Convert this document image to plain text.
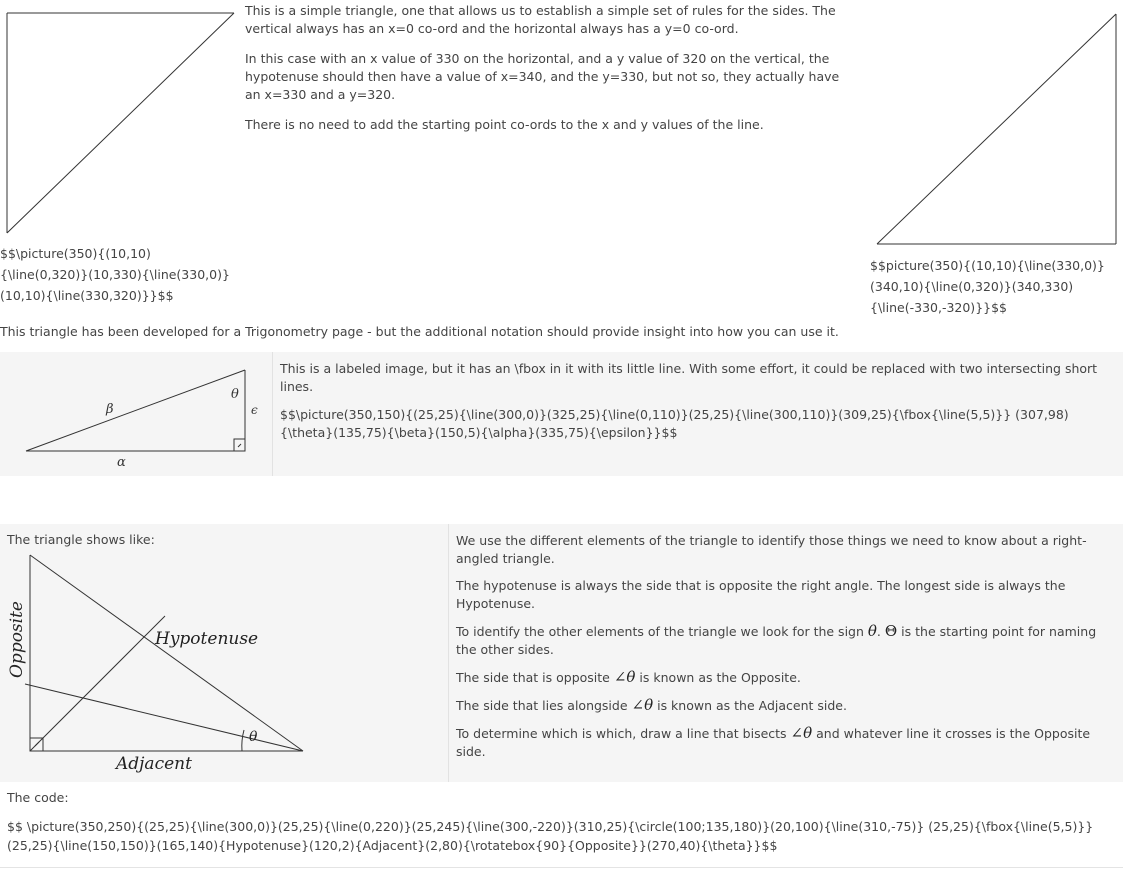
This is a simple triangle, one that allows us to establish a simple set of rules for the sides. The vertical always has an x=0 co-ord and the horizontal always has a y=0 co-ord.

In this case with an x value of 330 on the horizontal, and a y value of 320 on the vertical, the hypotenuse should then have a value of x=340, and the y=330, but not so, they actually have an x=330 and a y=320.

There is no need to add the starting point co-ords to the x and y values of the line.

$$\picture(350){(10,10){\line(0,320)}(10,330){\line(330,0)}(10,10){\line(330,320)}}$$
$$picture(350){(10,10){\line(330,0)}(340,10){\line(0,320)}(340,330){\line(-330,-320)}}$$
This triangle has been developed for a Trigonometry page - but the additional notation should provide insight into how you can use it.
θ
β	ϵ
α

This is a labeled image, but it has an \fbox in it with its little line. With some effort, it could be replaced with two intersecting short lines.

$$\picture(350,150){(25,25){\line(300,0)}(325,25){\line(0,110)}(25,25){\line(300,110)}(309,25){\fbox{\line(5,5)}} (307,98){\theta}(135,75){\beta}(150,5){\alpha}(335,75){\epsilon}}$$

The triangle shows like:
Hypotenuse
Adjacent
Opposite
θ

We use the different elements of the triangle to identify those things we need to know about a right-angled triangle.

The hypotenuse is always the side that is opposite the right angle. The longest side is always the Hypotenuse.

To identify the other elements of the triangle we look for the sign θ. Θ is the starting point for naming the other sides.

The side that is opposite ∠θ is known as the Opposite.

The side that lies alongside ∠θ is known as the Adjacent side.

To determine which is which, draw a line that bisects ∠θ and whatever line it crosses is the Opposite side.

The code:
$$ \picture(350,250){(25,25){\line(300,0)}(25,25){\line(0,220)}(25,245){\line(300,-220)}(310,25){\circle(100;135,180)}(20,100){\line(310,-75)} (25,25){\fbox{\line(5,5)}}(25,25){\line(150,150)}(165,140){Hypotenuse}(120,2){Adjacent}(2,80){\rotatebox{90}{Opposite}}(270,40){\theta}}$$
